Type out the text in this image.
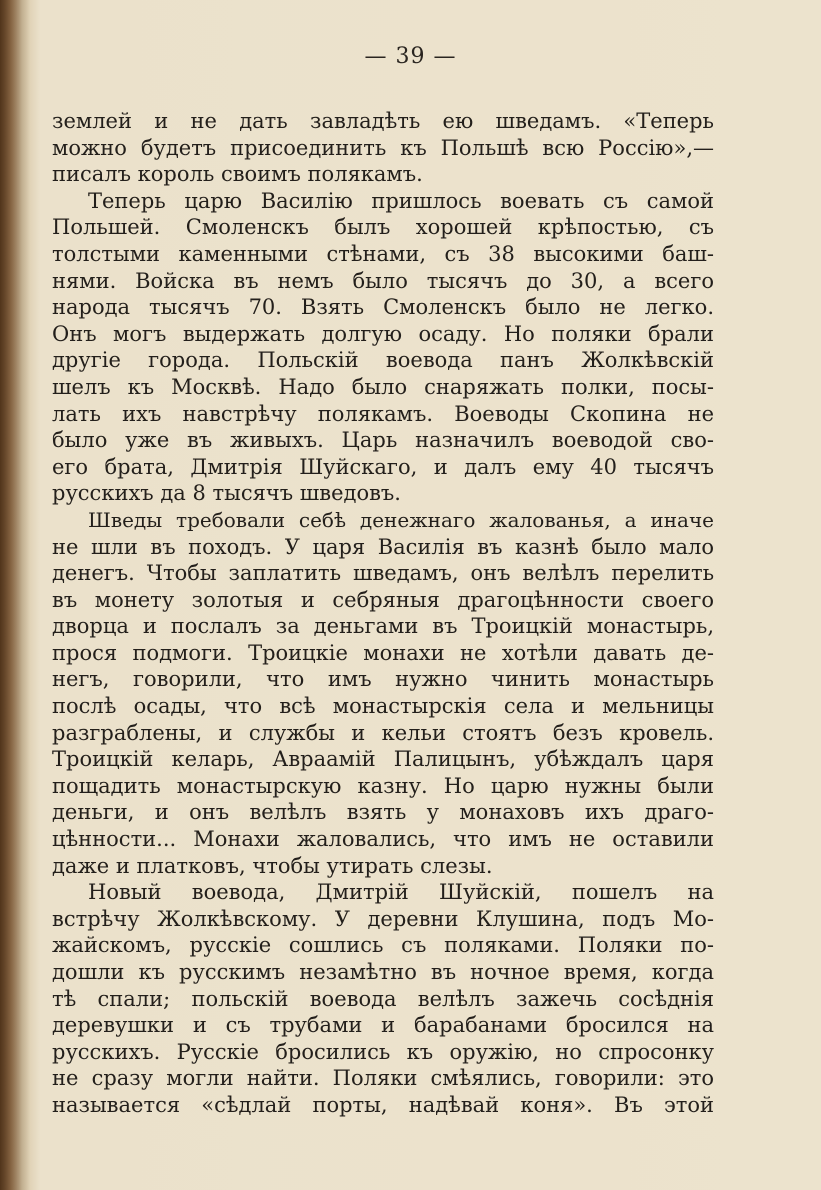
— 39 —
землей и не дать завладѣть ею шведамъ. «Теперь
можно будетъ присоединить къ Польшѣ всю Россію»,—
писалъ король своимъ полякамъ.
Теперь царю Василію пришлось воевать съ самой
Польшей. Смоленскъ былъ хорошей крѣпостью, съ
толстыми каменными стѣнами, съ 38 высокими баш-
нями. Войска въ немъ было тысячъ до 30, а всего
народа тысячъ 70. Взять Смоленскъ было не легко.
Онъ могъ выдержать долгую осаду. Но поляки брали
другіе города. Польскій воевода панъ Жолкѣвскій
шелъ къ Москвѣ. Надо было снаряжать полки, посы-
лать ихъ навстрѣчу полякамъ. Воеводы Скопина не
было уже въ живыхъ. Царь назначилъ воеводой сво-
его брата, Дмитрія Шуйскаго, и далъ ему 40 тысячъ
русскихъ да 8 тысячъ шведовъ.
Шведы требовали себѣ денежнаго жалованья, а иначе
не шли въ походъ. У царя Василія въ казнѣ было мало
денегъ. Чтобы заплатить шведамъ, онъ велѣлъ перелить
въ монету золотыя и себряныя драгоцѣнности своего
дворца и послалъ за деньгами въ Троицкій монастырь,
прося подмоги. Троицкіе монахи не хотѣли давать де-
негъ, говорили, что имъ нужно чинить монастырь
послѣ осады, что всѣ монастырскія села и мельницы
разграблены, и службы и кельи стоятъ безъ кровель.
Троицкій келарь, Авраамій Палицынъ, убѣждалъ царя
пощадить монастырскую казну. Но царю нужны были
деньги, и онъ велѣлъ взять у монаховъ ихъ драго-
цѣнности... Монахи жаловались, что имъ не оставили
даже и платковъ, чтобы утирать слезы.
Новый воевода, Дмитрій Шуйскій, пошелъ на
встрѣчу Жолкѣвскому. У деревни Клушина, подъ Мо-
жайскомъ, русскіе сошлись съ поляками. Поляки по-
дошли къ русскимъ незамѣтно въ ночное время, когда
тѣ спали; польскій воевода велѣлъ зажечь сосѣднія
деревушки и съ трубами и барабанами бросился на
русскихъ. Русскіе бросились къ оружію, но спросонку
не сразу могли найти. Поляки смѣялись, говорили: это
называется «сѣдлай порты, надѣвай коня». Въ этой
